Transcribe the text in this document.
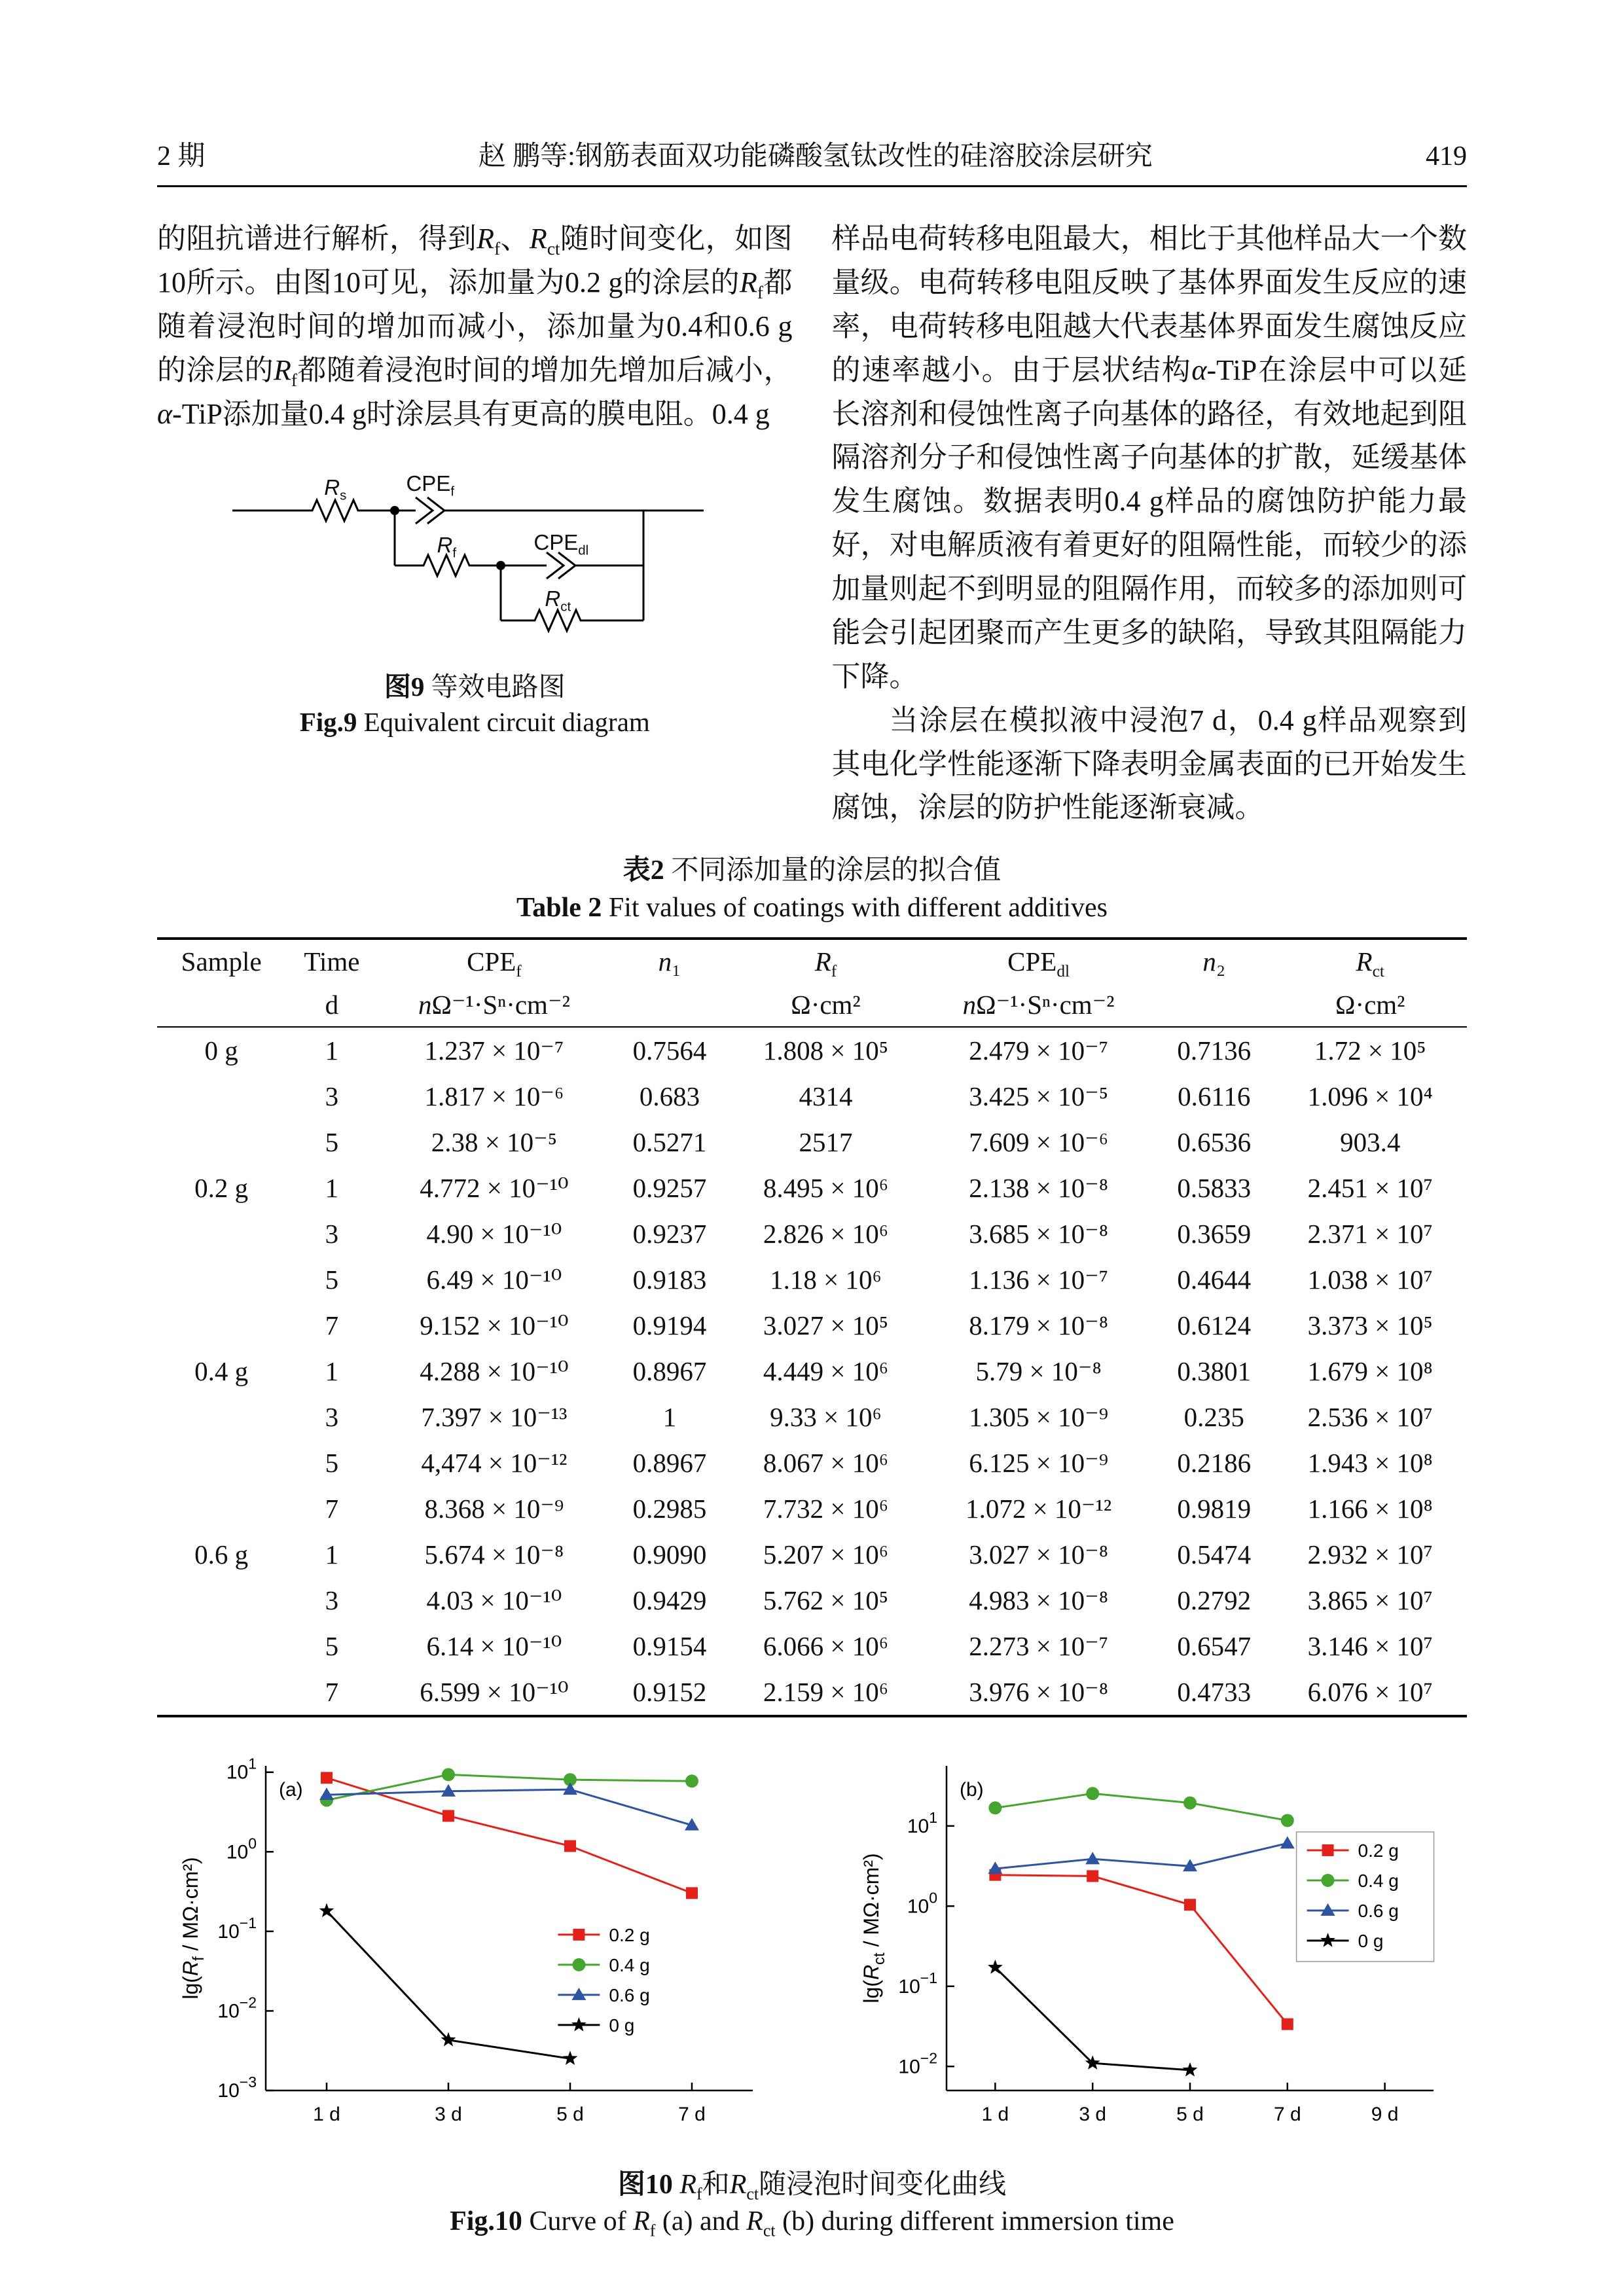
2 期	赵 鹏等:钢筋表面双功能磷酸氢钛改性的硅溶胶涂层研究	419

的阻抗谱进行解析，得到$R_f$、$R_{ct}$随时间变化，如图10所示。由图10可见，添加量为0.2 g的涂层的$R_f$都随着浸泡时间的增加而减小，添加量为0.4和0.6 g的涂层的$R_f$都随着浸泡时间的增加先增加后减小，α-TiP添加量0.4 g时涂层具有更高的膜电阻。0.4 g

$R_s$
$CPE_f$
$R_f$	$CPE_{dl}$
$R_{ct}$
图9 等效电路图
Fig.9 Equivalent circuit diagram

样品电荷转移电阻最大，相比于其他样品大一个数量级。电荷转移电阻反映了基体界面发生反应的速率，电荷转移电阻越大代表基体界面发生腐蚀反应的速率越小。由于层状结构α-TiP在涂层中可以延长溶剂和侵蚀性离子向基体的路径，有效地起到阻隔溶剂分子和侵蚀性离子向基体的扩散，延缓基体发生腐蚀。数据表明0.4 g样品的腐蚀防护能力最好，对电解质液有着更好的阻隔性能，而较少的添加量则起不到明显的阻隔作用，而较多的添加则可能会引起团聚而产生更多的缺陷，导致其阻隔能力下降。

当涂层在模拟液中浸泡7 d，0.4 g样品观察到其电化学性能逐渐下降表明金属表面的已开始发生腐蚀，涂层的防护性能逐渐衰减。

表2 不同添加量的涂层的拟合值
Table 2 Fit values of coatings with different additives
Sample	Time	$CPE_f$	n₁	$R_f$	$CPE_{dl}$	n₂	$R_{ct}$
	d	nΩ⁻¹·Sⁿ·cm⁻²		Ω·cm²	nΩ⁻¹·Sⁿ·cm⁻²		Ω·cm²
0 g	1	1.237 × 10⁻⁷	0.7564	1.808 × 10⁵	2.479 × 10⁻⁷	0.7136	1.72 × 10⁵
	3	1.817 × 10⁻⁶	0.683	4314	3.425 × 10⁻⁵	0.6116	1.096 × 10⁴
	5	2.38 × 10⁻⁵	0.5271	2517	7.609 × 10⁻⁶	0.6536	903.4
0.2 g	1	4.772 × 10⁻¹⁰	0.9257	8.495 × 10⁶	2.138 × 10⁻⁸	0.5833	2.451 × 10⁷
	3	4.90 × 10⁻¹⁰	0.9237	2.826 × 10⁶	3.685 × 10⁻⁸	0.3659	2.371 × 10⁷
	5	6.49 × 10⁻¹⁰	0.9183	1.18 × 10⁶	1.136 × 10⁻⁷	0.4644	1.038 × 10⁷
	7	9.152 × 10⁻¹⁰	0.9194	3.027 × 10⁵	8.179 × 10⁻⁸	0.6124	3.373 × 10⁵
0.4 g	1	4.288 × 10⁻¹⁰	0.8967	4.449 × 10⁶	5.79 × 10⁻⁸	0.3801	1.679 × 10⁸
	3	7.397 × 10⁻¹³	1	9.33 × 10⁶	1.305 × 10⁻⁹	0.235	2.536 × 10⁷
	5	4,474 × 10⁻¹²	0.8967	8.067 × 10⁶	6.125 × 10⁻⁹	0.2186	1.943 × 10⁸
	7	8.368 × 10⁻⁹	0.2985	7.732 × 10⁶	1.072 × 10⁻¹²	0.9819	1.166 × 10⁸
0.6 g	1	5.674 × 10⁻⁸	0.9090	5.207 × 10⁶	3.027 × 10⁻⁸	0.5474	2.932 × 10⁷
	3	4.03 × 10⁻¹⁰	0.9429	5.762 × 10⁵	4.983 × 10⁻⁸	0.2792	3.865 × 10⁷
	5	6.14 × 10⁻¹⁰	0.9154	6.066 × 10⁶	2.273 × 10⁻⁷	0.6547	3.146 × 10⁷
	7	6.599 × 10⁻¹⁰	0.9152	2.159 × 10⁶	3.976 × 10⁻⁸	0.4733	6.076 × 10⁷
$10^1$
$10^0$
$10^{-1}$
$10^{-2}$
$10^{-3}$
1 d	3 d	5 d	7 d
(a)
$\lg(R_f / M\Omega\cdot cm^2)$	0.2 g
0.4 g
0.6 g
0 g
$10^1$
$10^0$
$10^{-1}$
$10^{-2}$
1 d	3 d	5 d	7 d	9 d
(b)
$\lg(R_{ct} / M\Omega\cdot cm^2)$
0.2 g
0.4 g
0.6 g
0 g
图10 $R_f$和$R_{ct}$随浸泡时间变化曲线
Fig.10 Curve of $R_f$ (a) and $R_{ct}$ (b) during different immersion time
